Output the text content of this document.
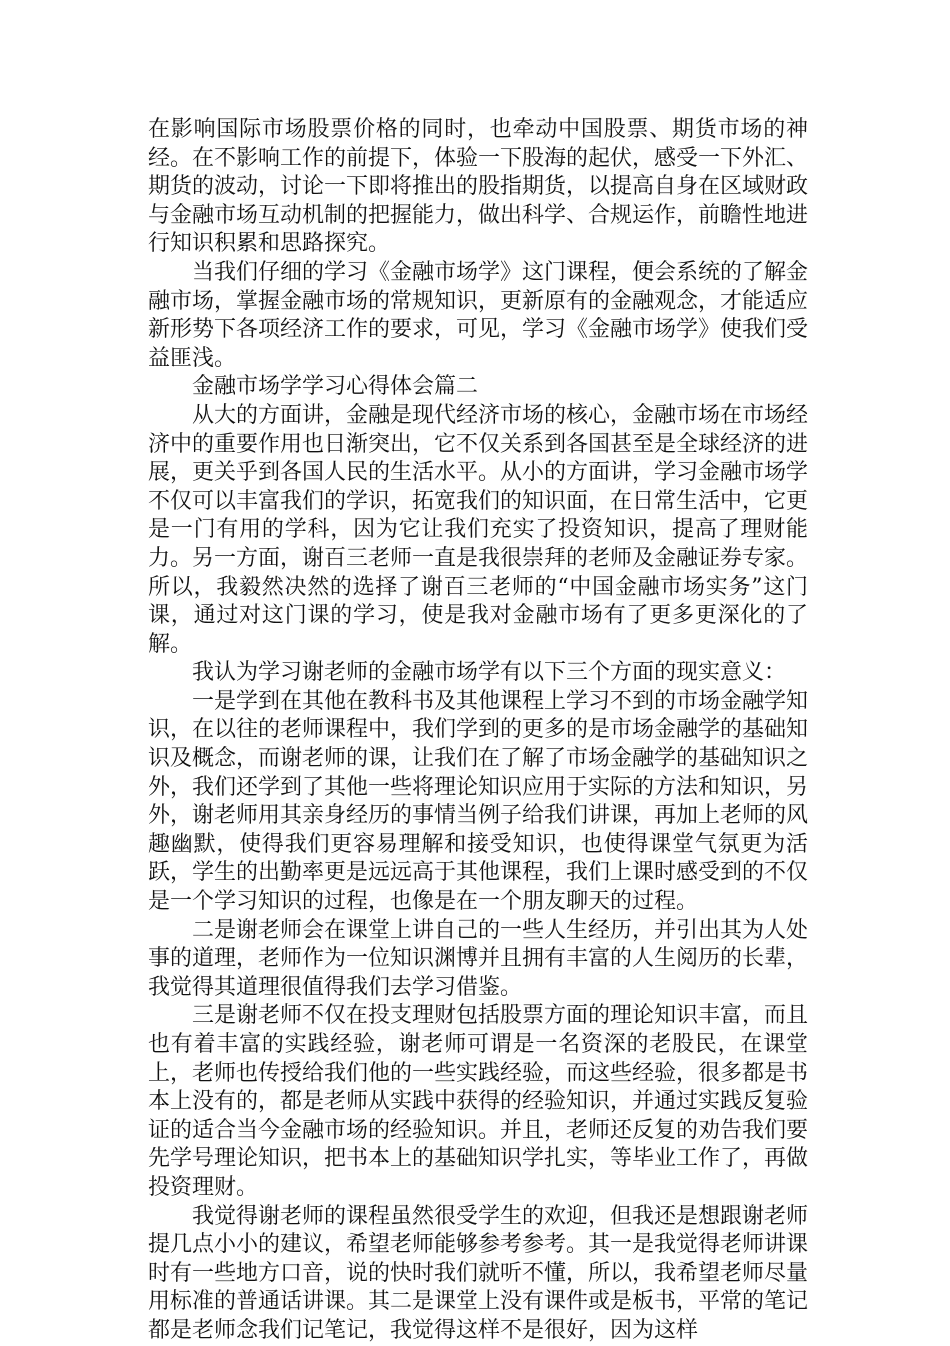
在影响国际市场股票价格的同时，也牵动中国股票、期货市场的神经。在不影响工作的前提下，体验一下股海的起伏，感受一下外汇、期货的波动，讨论一下即将推出的股指期货，以提高自身在区域财政与金融市场互动机制的把握能力，做出科学、合规运作，前瞻性地进行知识积累和思路探究。

当我们仔细的学习《金融市场学》这门课程，便会系统的了解金融市场，掌握金融市场的常规知识，更新原有的金融观念，才能适应新形势下各项经济工作的要求，可见，学习《金融市场学》使我们受益匪浅。

金融市场学学习心得体会篇二

从大的方面讲，金融是现代经济市场的核心，金融市场在市场经济中的重要作用也日渐突出，它不仅关系到各国甚至是全球经济的进展，更关乎到各国人民的生活水平。从小的方面讲，学习金融市场学不仅可以丰富我们的学识，拓宽我们的知识面，在日常生活中，它更是一门有用的学科，因为它让我们充实了投资知识，提高了理财能力。另一方面，谢百三老师一直是我很崇拜的老师及金融证券专家。所以，我毅然决然的选择了谢百三老师的“中国金融市场实务”这门课，通过对这门课的学习，使是我对金融市场有了更多更深化的了解。

我认为学习谢老师的金融市场学有以下三个方面的现实意义：

一是学到在其他在教科书及其他课程上学习不到的市场金融学知识，在以往的老师课程中，我们学到的更多的是市场金融学的基础知识及概念，而谢老师的课，让我们在了解了市场金融学的基础知识之外，我们还学到了其他一些将理论知识应用于实际的方法和知识，另外，谢老师用其亲身经历的事情当例子给我们讲课，再加上老师的风趣幽默，使得我们更容易理解和接受知识，也使得课堂气氛更为活跃，学生的出勤率更是远远高于其他课程，我们上课时感受到的不仅是一个学习知识的过程，也像是在一个朋友聊天的过程。

二是谢老师会在课堂上讲自己的一些人生经历，并引出其为人处事的道理，老师作为一位知识渊博并且拥有丰富的人生阅历的长辈，我觉得其道理很值得我们去学习借鉴。

三是谢老师不仅在投支理财包括股票方面的理论知识丰富，而且也有着丰富的实践经验，谢老师可谓是一名资深的老股民，在课堂上，老师也传授给我们他的一些实践经验，而这些经验，很多都是书本上没有的，都是老师从实践中获得的经验知识，并通过实践反复验证的适合当今金融市场的经验知识。并且，老师还反复的劝告我们要先学号理论知识，把书本上的基础知识学扎实，等毕业工作了，再做投资理财。

我觉得谢老师的课程虽然很受学生的欢迎，但我还是想跟谢老师提几点小小的建议，希望老师能够参考参考。其一是我觉得老师讲课时有一些地方口音，说的快时我们就听不懂，所以，我希望老师尽量用标准的普通话讲课。其二是课堂上没有课件或是板书，平常的笔记都是老师念我们记笔记，我觉得这样不是很好，因为这样
